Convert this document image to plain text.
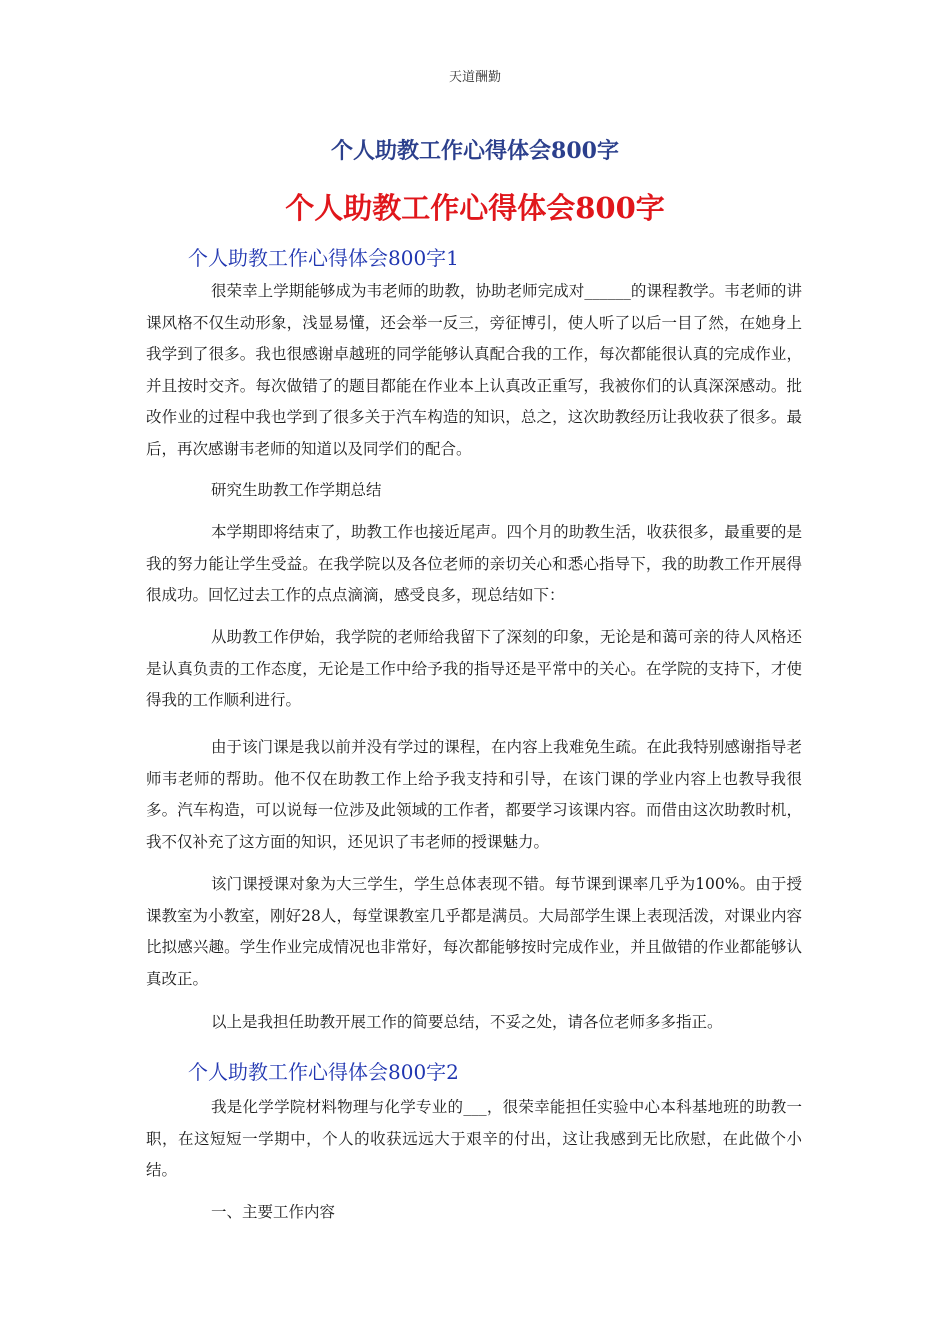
天道酬勤
个人助教工作心得体会800字
个人助教工作心得体会800字
个人助教工作心得体会800字1

很荣幸上学期能够成为韦老师的助教，协助老师完成对______的课程教学。韦老师的讲课风格不仅生动形象，浅显易懂，还会举一反三，旁征博引，使人听了以后一目了然，在她身上我学到了很多。我也很感谢卓越班的同学能够认真配合我的工作，每次都能很认真的完成作业，并且按时交齐。每次做错了的题目都能在作业本上认真改正重写，我被你们的认真深深感动。批改作业的过程中我也学到了很多关于汽车构造的知识，总之，这次助教经历让我收获了很多。最后，再次感谢韦老师的知道以及同学们的配合。

研究生助教工作学期总结

本学期即将结束了，助教工作也接近尾声。四个月的助教生活，收获很多，最重要的是我的努力能让学生受益。在我学院以及各位老师的亲切关心和悉心指导下，我的助教工作开展得很成功。回忆过去工作的点点滴滴，感受良多，现总结如下：

从助教工作伊始，我学院的老师给我留下了深刻的印象，无论是和蔼可亲的待人风格还是认真负责的工作态度，无论是工作中给予我的指导还是平常中的关心。在学院的支持下，才使得我的工作顺利进行。

由于该门课是我以前并没有学过的课程，在内容上我难免生疏。在此我特别感谢指导老师韦老师的帮助。他不仅在助教工作上给予我支持和引导，在该门课的学业内容上也教导我很多。汽车构造，可以说每一位涉及此领域的工作者，都要学习该课内容。而借由这次助教时机，我不仅补充了这方面的知识，还见识了韦老师的授课魅力。

该门课授课对象为大三学生，学生总体表现不错。每节课到课率几乎为100%。由于授课教室为小教室，刚好28人，每堂课教室几乎都是满员。大局部学生课上表现活泼，对课业内容比拟感兴趣。学生作业完成情况也非常好，每次都能够按时完成作业，并且做错的作业都能够认真改正。

以上是我担任助教开展工作的简要总结，不妥之处，请各位老师多多指正。

个人助教工作心得体会800字2

我是化学学院材料物理与化学专业的___，很荣幸能担任实验中心本科基地班的助教一职，在这短短一学期中，个人的收获远远大于艰辛的付出，这让我感到无比欣慰，在此做个小结。

一、主要工作内容
